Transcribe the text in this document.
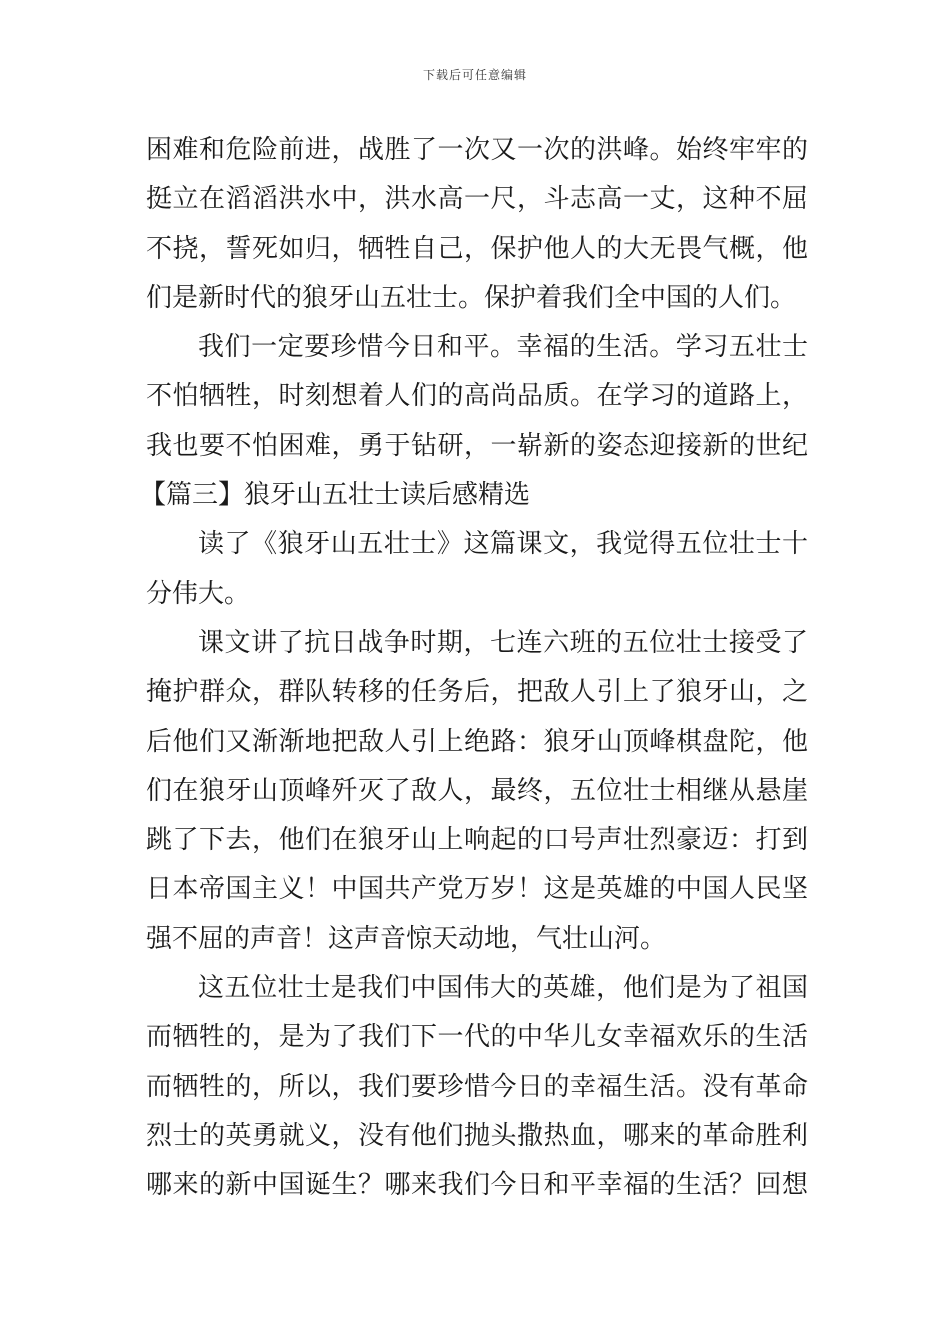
下载后可任意编辑
困难和危险前进，战胜了一次又一次的洪峰。始终牢牢的
挺立在滔滔洪水中，洪水高一尺，斗志高一丈，这种不屈
不挠，誓死如归，牺牲自己，保护他人的大无畏气概，他
们是新时代的狼牙山五壮士。保护着我们全中国的人们。
我们一定要珍惜今日和平。幸福的生活。学习五壮士
不怕牺牲，时刻想着人们的高尚品质。在学习的道路上，
我也要不怕困难，勇于钻研，一崭新的姿态迎接新的世纪
【篇三】狼牙山五壮士读后感精选
读了《狼牙山五壮士》这篇课文，我觉得五位壮士十
分伟大。
课文讲了抗日战争时期，七连六班的五位壮士接受了
掩护群众，群队转移的任务后，把敌人引上了狼牙山，之
后他们又渐渐地把敌人引上绝路：狼牙山顶峰棋盘陀，他
们在狼牙山顶峰歼灭了敌人，最终，五位壮士相继从悬崖
跳了下去，他们在狼牙山上响起的口号声壮烈豪迈：打到
日本帝国主义！中国共产党万岁！这是英雄的中国人民坚
强不屈的声音！这声音惊天动地，气壮山河。
这五位壮士是我们中国伟大的英雄，他们是为了祖国
而牺牲的，是为了我们下一代的中华儿女幸福欢乐的生活
而牺牲的，所以，我们要珍惜今日的幸福生活。没有革命
烈士的英勇就义，没有他们抛头撒热血，哪来的革命胜利
哪来的新中国诞生？哪来我们今日和平幸福的生活？回想
